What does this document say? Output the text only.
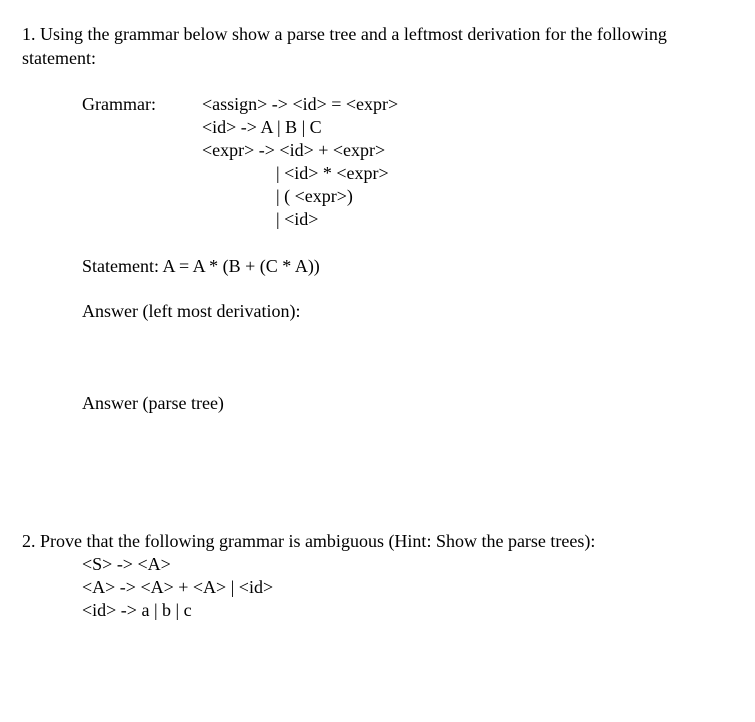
1. Using the grammar below show a parse tree and a leftmost derivation for the following
statement:
Grammar:	<assign> -> <id> = <expr>
<id> -> A | B | C
<expr> -> <id> + <expr>
| <id> * <expr>
| ( <expr>)
| <id>
Statement: A = A * (B + (C * A))
Answer (left most derivation):
Answer (parse tree)
2. Prove that the following grammar is ambiguous (Hint: Show the parse trees):
<S> -> <A>
<A> -> <A> + <A> | <id>
<id> -> a | b | c
